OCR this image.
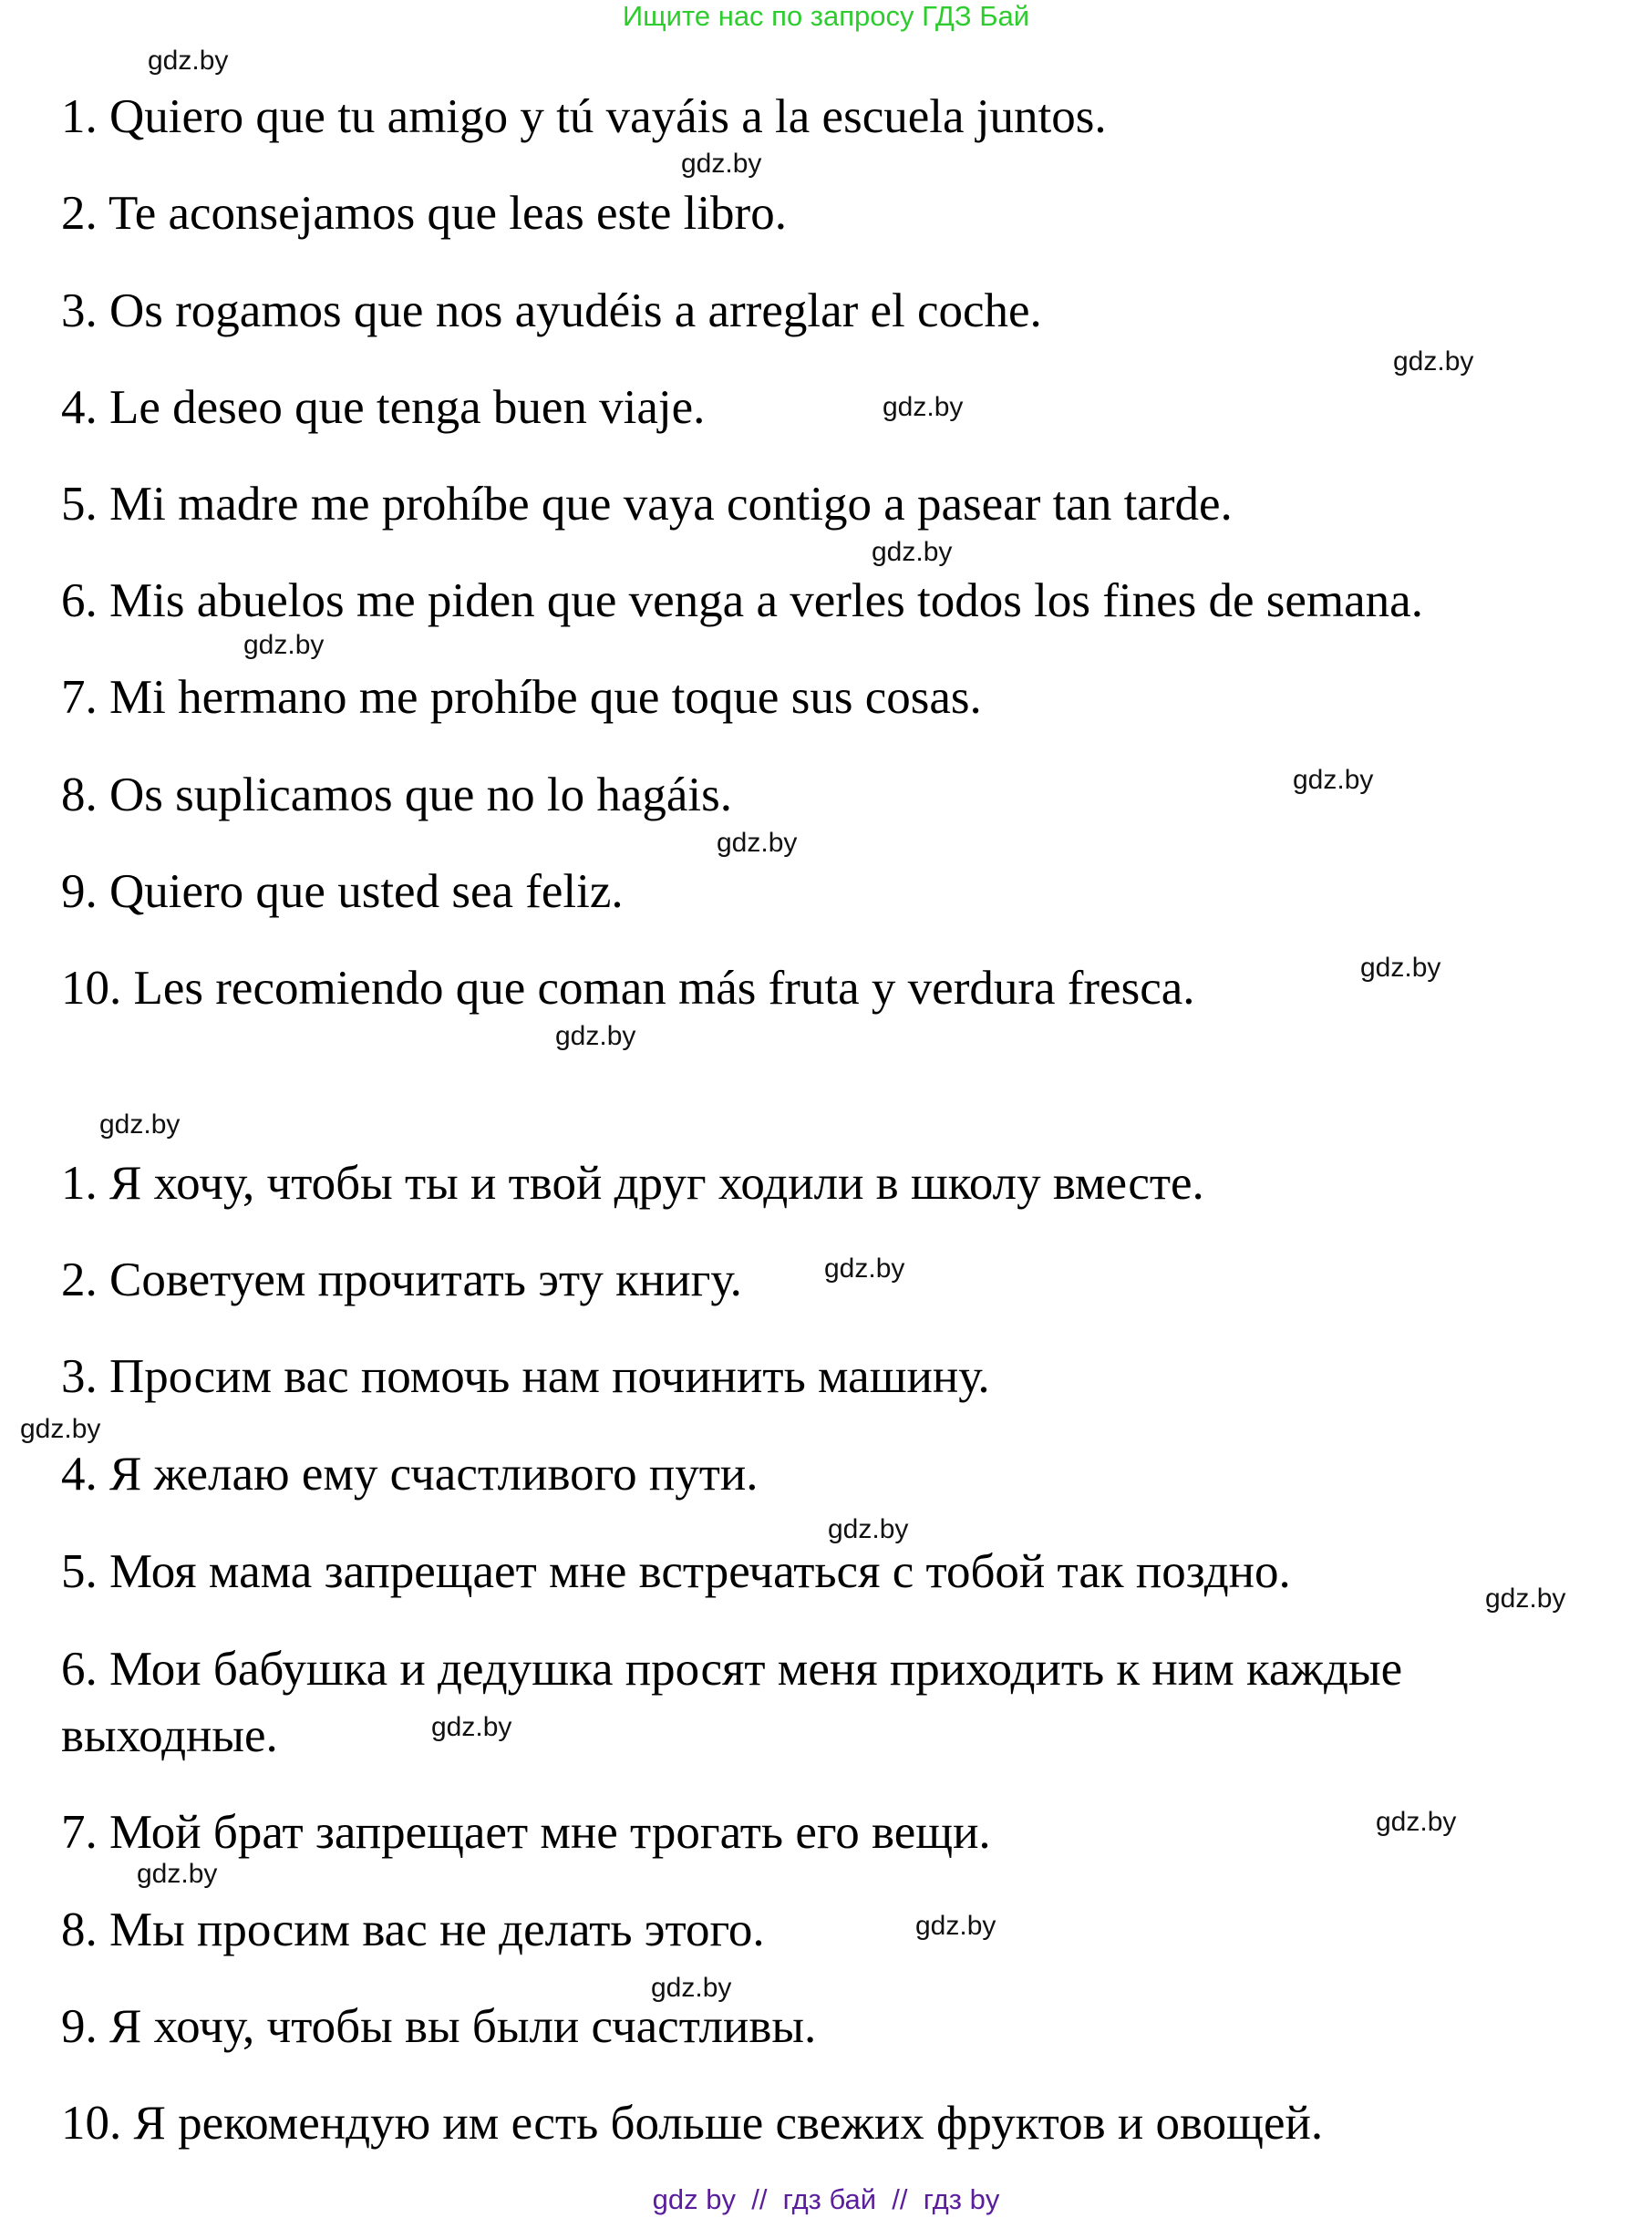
Ищите нас по запросу ГДЗ Бай
1. Quiero que tu amigo y tú vayáis a la escuela juntos.
2. Te aconsejamos que leas este libro.
3. Os rogamos que nos ayudéis a arreglar el coche.
4. Le deseo que tenga buen viaje.
5. Mi madre me prohíbe que vaya contigo a pasear tan tarde.
6. Mis abuelos me piden que venga a verles todos los fines de semana.
7. Mi hermano me prohíbe que toque sus cosas.
8. Os suplicamos que no lo hagáis.
9. Quiero que usted sea feliz.
10. Les recomiendo que coman más fruta y verdura fresca.
1. Я хочу, чтобы ты и твой друг ходили в школу вместе.
2. Советуем прочитать эту книгу.
3. Просим вас помочь нам починить машину.
4. Я желаю ему счастливого пути.
5. Моя мама запрещает мне встречаться с тобой так поздно.
6. Мои бабушка и дедушка просят меня приходить к ним каждые выходные.
7. Мой брат запрещает мне трогать его вещи.
8. Мы просим вас не делать этого.
9. Я хочу, чтобы вы были счастливы.
10. Я рекомендую им есть больше свежих фруктов и овощей.
gdz.by
gdz.by
gdz.by
gdz.by
gdz.by
gdz.by
gdz.by
gdz.by
gdz.by
gdz.by
gdz.by
gdz.by
gdz.by
gdz.by
gdz.by
gdz.by
gdz.by
gdz.by
gdz.by
gdz.by
gdz by  //  гдз бай  //  гдз by
